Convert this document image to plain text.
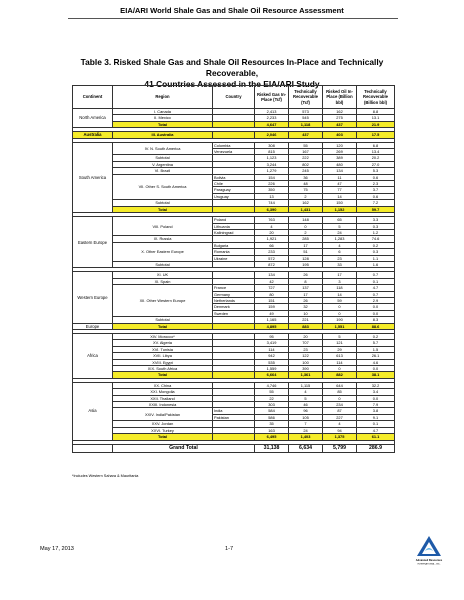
EIA/ARI World Shale Gas and Shale Oil Resource Assessment
Table 3. Risked Shale Gas and Shale Oil Resources In-Place and Technically Recoverable,
41 Countries Assessed in the EIA/ARI Study
Continent	Region	Country	Risked Gas In-Place (Tcf)	Technically Recoverable (Tcf)	Risked Oil In-Place (Billion bbl)	Technically Recoverable (Billion bbl)
North America	I. Canada		2,413	573	162	8.8
	II. Mexico		2,233	545	275	13.1
	Total		4,647	1,118	437	21.9

Australia	III. Australia		2,046	437	403	17.5

South America	IV. N. South America	Colombia	308	55	120	6.8
		Venezuela	815	167	269	13.4
	Subtotal		1,123	222	389	20.2
	V. Argentina		3,244	802	480	27.0
	VI. Brazil		1,279	245	134	5.3
	VII. Other S. South America	Bolivia	154	36	11	0.6
		Chile	226	48	47	2.3
		Paraguay	350	75	77	3.7
		Uruguay	13	2	14	0.6
	Subtotal		744	162	150	7.2
	Total		6,390	1,431	1,152	59.7

Eastern Europe	VIII. Poland	Poland	763	148	65	3.3
		Lithuania	4	0	5	0.3
		Kaliningrad	20	2	24	1.2
	IX. Russia		1,921	285	1,283	74.6
	X. Other Eastern Europe	Bulgaria	66	17	4	0.2
		Romania	233	51	6	0.3
		Ukraine	572	128	23	1.1
	Subtotal		872	195	33	1.6

Western Europe	XI. UK		134	26	17	0.7
	XI. Spain		42	8	3	0.1
	XII. Other Western Europe	France	727	137	118	4.7
		Germany	80	17	14	0.7
		Netherlands	151	26	59	2.9
		Denmark	159	32	0	0.0
		Sweden	49	10	0	0.0
	Subtotal		1,165	221	190	8.3
Europe	Total		4,895	883	1,551	88.6

Africa	XIV. Morocco*		95	20	5	0.2
	XV. Algeria		3,419	707	121	5.7
	XVI. Tunisia		114	23	29	1.5
	XVII. Libya		942	122	613	26.1
	XVIII. Egypt		535	100	114	4.6
	XIX. South Africa		1,559	390	0	0.0
	Total		6,664	1,361	882	38.1

Asia	XX. China		4,746	1,115	644	32.2
	XXI. Mongolia		55	4	85	3.4
	XXII. Thailand		22	5	0	0.0
	XXIII. Indonesia		303	46	234	7.9
	XXIV. India/Pakistan	India	584	96	87	3.8
		Pakistan	586	105	227	9.1
	XXV. Jordan		35	7	4	0.1
	XXVI. Turkey		163	24	94	4.7
	Total		6,495	1,403	1,375	61.1

	Grand Total		31,138	6,634	5,799	286.9
*Includes Western Sahara & Mauritania
May 17, 2013	1-7
Advanced Resources
INTERNATIONAL, INC.
